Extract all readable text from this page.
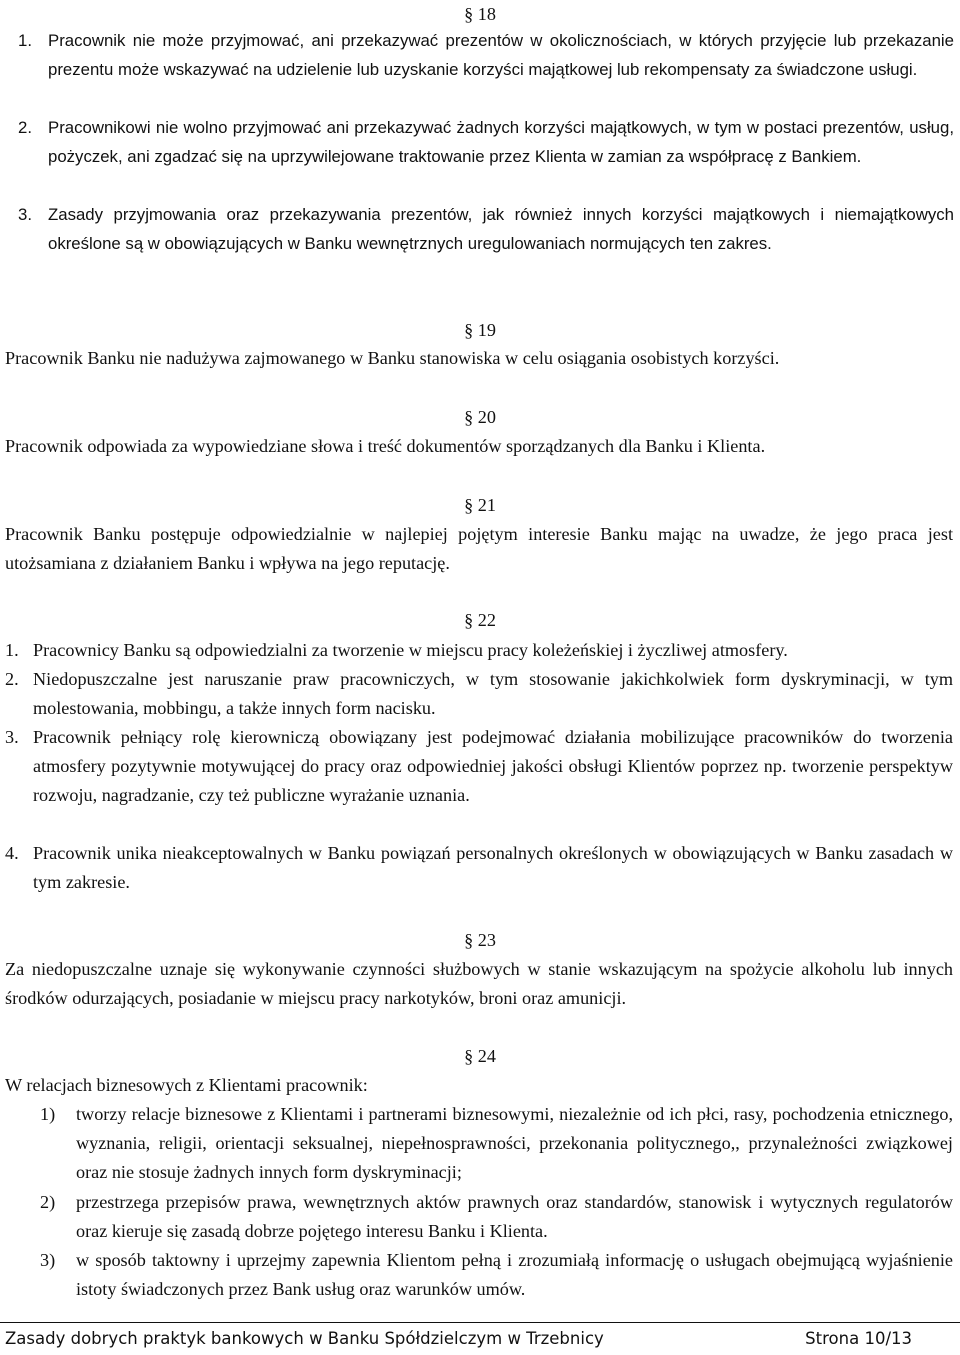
§ 18
1. Pracownik nie może przyjmować, ani przekazywać prezentów w okolicznościach, w których przyjęcie lub przekazanie prezentu może wskazywać na udzielenie lub uzyskanie korzyści majątkowej lub rekompensaty za świadczone usługi.
2. Pracownikowi nie wolno przyjmować ani przekazywać żadnych korzyści majątkowych, w tym w postaci prezentów, usług, pożyczek, ani zgadzać się na uprzywilejowane traktowanie przez Klienta w zamian za współpracę z Bankiem.
3. Zasady przyjmowania oraz przekazywania prezentów, jak również innych korzyści majątkowych i niemajątkowych określone są w obowiązujących w Banku wewnętrznych uregulowaniach normujących ten zakres.
§ 19
Pracownik Banku nie nadużywa zajmowanego w Banku stanowiska w celu osiągania osobistych korzyści.
§ 20
Pracownik odpowiada za wypowiedziane słowa i treść dokumentów sporządzanych dla Banku i Klienta.
§ 21
Pracownik Banku postępuje odpowiedzialnie w najlepiej pojętym interesie Banku mając na uwadze, że jego praca jest utożsamiana z działaniem Banku i wpływa na jego reputację.
§ 22
1. Pracownicy Banku są odpowiedzialni za tworzenie w miejscu pracy koleżeńskiej i życzliwej atmosfery.
2. Niedopuszczalne jest naruszanie praw pracowniczych, w tym stosowanie jakichkolwiek form dyskryminacji, w tym molestowania, mobbingu, a także innych form nacisku.
3. Pracownik pełniący rolę kierowniczą obowiązany jest podejmować działania mobilizujące pracowników do tworzenia atmosfery pozytywnie motywującej do pracy oraz odpowiedniej jakości obsługi Klientów poprzez np. tworzenie perspektyw rozwoju, nagradzanie, czy też publiczne wyrażanie uznania.
4. Pracownik unika nieakceptowalnych w Banku powiązań personalnych określonych w obowiązujących w Banku zasadach w tym zakresie.
§ 23
Za niedopuszczalne uznaje się wykonywanie czynności służbowych w stanie wskazującym na spożycie alkoholu lub innych środków odurzających, posiadanie w miejscu pracy narkotyków, broni oraz amunicji.
§ 24
W relacjach biznesowych z Klientami pracownik:
1) tworzy relacje biznesowe z Klientami i partnerami biznesowymi, niezależnie od ich płci, rasy, pochodzenia etnicznego, wyznania, religii, orientacji seksualnej, niepełnosprawności, przekonania politycznego,, przynależności związkowej oraz nie stosuje żadnych innych form dyskryminacji;
2) przestrzega przepisów prawa, wewnętrznych aktów prawnych oraz standardów, stanowisk i wytycznych regulatorów oraz kieruje się zasadą dobrze pojętego interesu Banku i Klienta.
3) w sposób taktowny i uprzejmy zapewnia Klientom pełną i zrozumiałą informację o usługach obejmującą wyjaśnienie istoty świadczonych przez Bank usług oraz warunków umów.
Zasady dobrych praktyk bankowych w Banku Spółdzielczym w Trzebnicy	Strona 10/13
